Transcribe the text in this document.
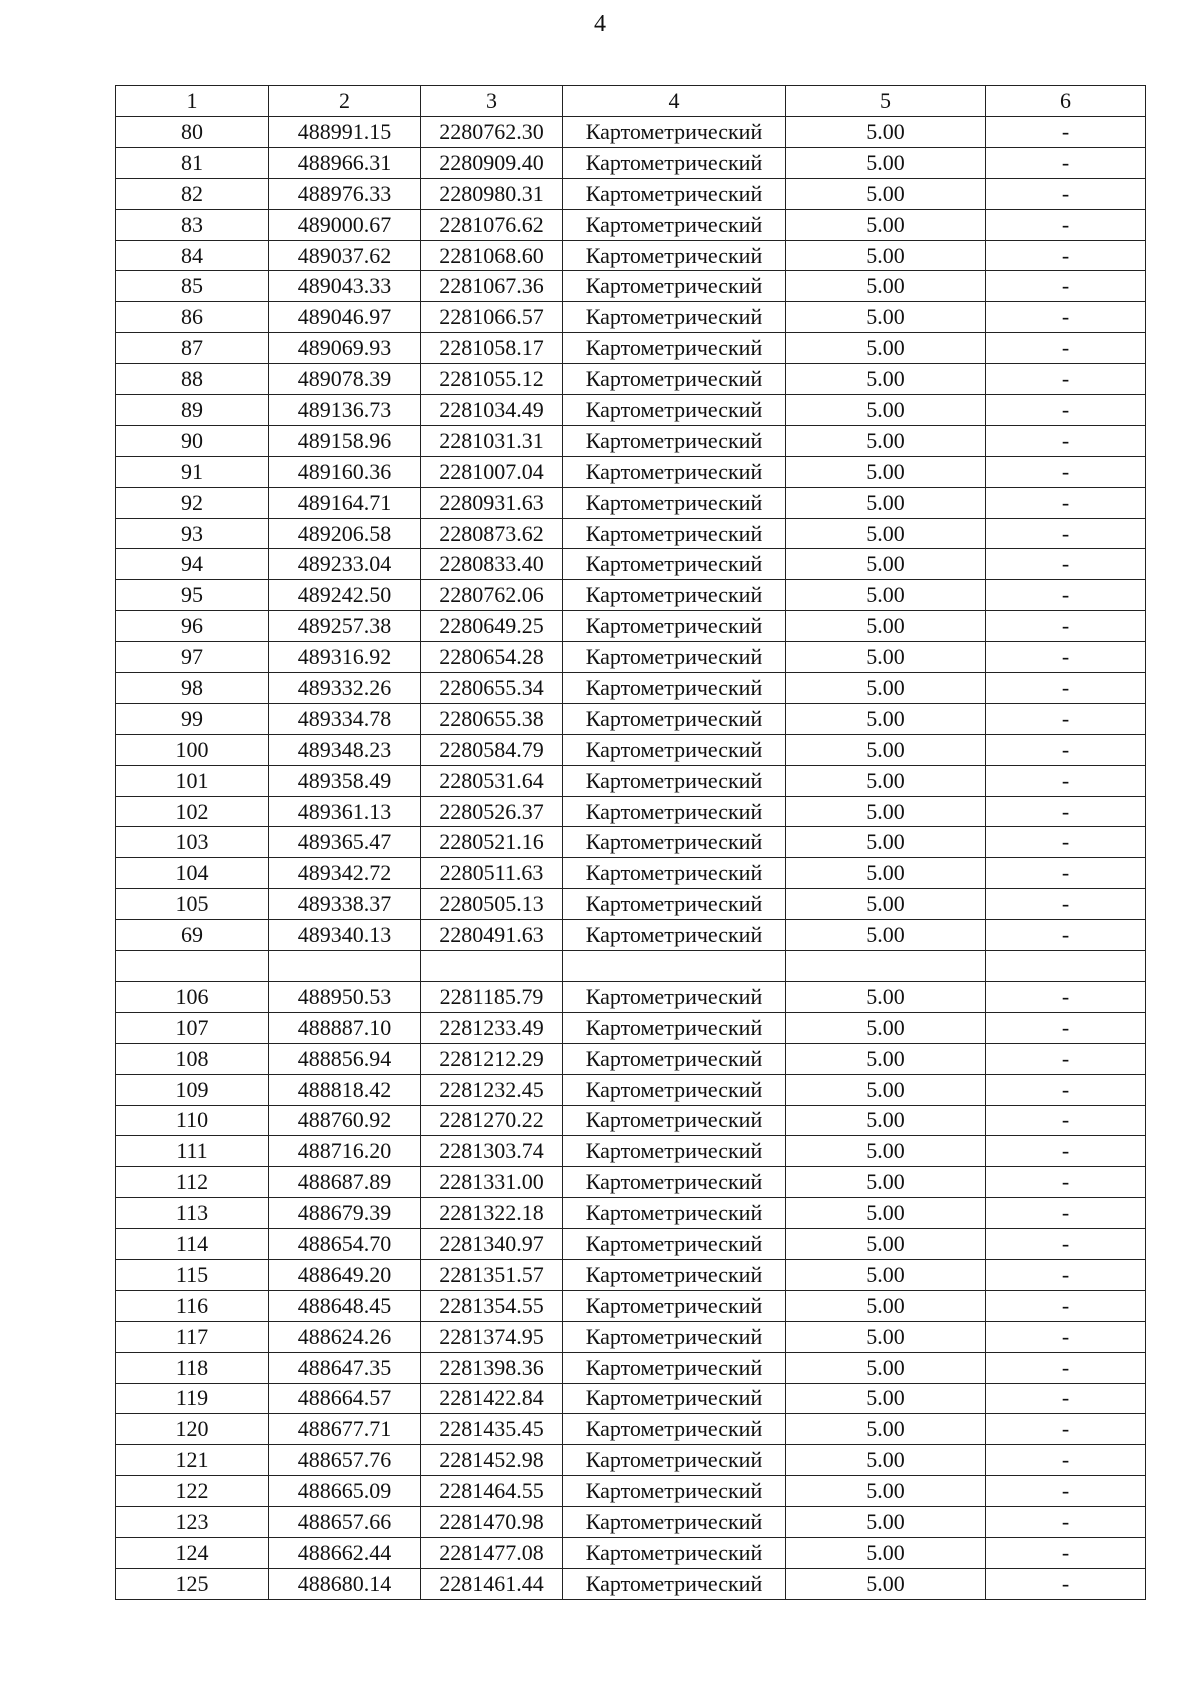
4
1	2	3	4	5	6
80	488991.15	2280762.30	Картометрический	5.00	-
81	488966.31	2280909.40	Картометрический	5.00	-
82	488976.33	2280980.31	Картометрический	5.00	-
83	489000.67	2281076.62	Картометрический	5.00	-
84	489037.62	2281068.60	Картометрический	5.00	-
85	489043.33	2281067.36	Картометрический	5.00	-
86	489046.97	2281066.57	Картометрический	5.00	-
87	489069.93	2281058.17	Картометрический	5.00	-
88	489078.39	2281055.12	Картометрический	5.00	-
89	489136.73	2281034.49	Картометрический	5.00	-
90	489158.96	2281031.31	Картометрический	5.00	-
91	489160.36	2281007.04	Картометрический	5.00	-
92	489164.71	2280931.63	Картометрический	5.00	-
93	489206.58	2280873.62	Картометрический	5.00	-
94	489233.04	2280833.40	Картометрический	5.00	-
95	489242.50	2280762.06	Картометрический	5.00	-
96	489257.38	2280649.25	Картометрический	5.00	-
97	489316.92	2280654.28	Картометрический	5.00	-
98	489332.26	2280655.34	Картометрический	5.00	-
99	489334.78	2280655.38	Картометрический	5.00	-
100	489348.23	2280584.79	Картометрический	5.00	-
101	489358.49	2280531.64	Картометрический	5.00	-
102	489361.13	2280526.37	Картометрический	5.00	-
103	489365.47	2280521.16	Картометрический	5.00	-
104	489342.72	2280511.63	Картометрический	5.00	-
105	489338.37	2280505.13	Картометрический	5.00	-
69	489340.13	2280491.63	Картометрический	5.00	-

106	488950.53	2281185.79	Картометрический	5.00	-
107	488887.10	2281233.49	Картометрический	5.00	-
108	488856.94	2281212.29	Картометрический	5.00	-
109	488818.42	2281232.45	Картометрический	5.00	-
110	488760.92	2281270.22	Картометрический	5.00	-
111	488716.20	2281303.74	Картометрический	5.00	-
112	488687.89	2281331.00	Картометрический	5.00	-
113	488679.39	2281322.18	Картометрический	5.00	-
114	488654.70	2281340.97	Картометрический	5.00	-
115	488649.20	2281351.57	Картометрический	5.00	-
116	488648.45	2281354.55	Картометрический	5.00	-
117	488624.26	2281374.95	Картометрический	5.00	-
118	488647.35	2281398.36	Картометрический	5.00	-
119	488664.57	2281422.84	Картометрический	5.00	-
120	488677.71	2281435.45	Картометрический	5.00	-
121	488657.76	2281452.98	Картометрический	5.00	-
122	488665.09	2281464.55	Картометрический	5.00	-
123	488657.66	2281470.98	Картометрический	5.00	-
124	488662.44	2281477.08	Картометрический	5.00	-
125	488680.14	2281461.44	Картометрический	5.00	-
